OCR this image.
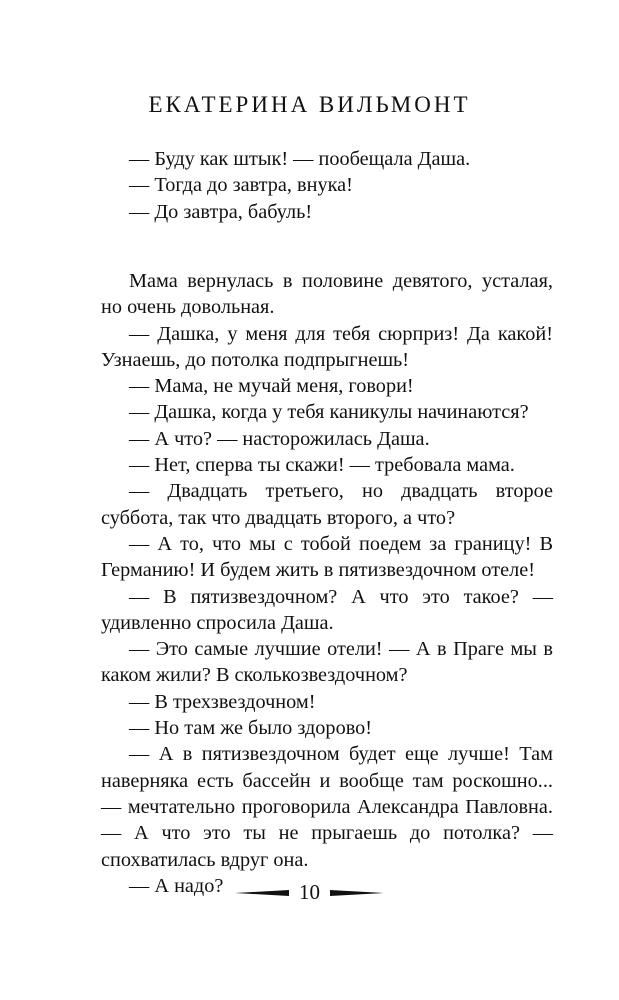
ЕКАТЕРИНА ВИЛЬМОНТ

— Буду как штык! — пообещала Даша.

— Тогда до завтра, внука!

— До завтра, бабуль!

Мама вернулась в половине девятого, усталая, но очень довольная.

— Дашка, у меня для тебя сюрприз! Да какой! Узнаешь, до потолка подпрыгнешь!

— Мама, не мучай меня, говори!

— Дашка, когда у тебя каникулы начинаются?

— А что? — насторожилась Даша.

— Нет, сперва ты скажи! — требовала мама.

— Двадцать третьего, но двадцать второе суббота, так что двадцать второго, а что?

— А то, что мы с тобой поедем за границу! В Германию! И будем жить в пятизвездочном отеле!

— В пятизвездочном? А что это такое? — удивленно спросила Даша.

— Это самые лучшие отели! — А в Праге мы в каком жили? В сколькозвездочном?

— В трехзвездочном!

— Но там же было здорово!

— А в пятизвездочном будет еще лучше! Там наверняка есть бассейн и вообще там роскошно... — мечтательно проговорила Александра Павловна. — А что это ты не прыгаешь до потолка? — спохватилась вдруг она.

— А надо?	10
